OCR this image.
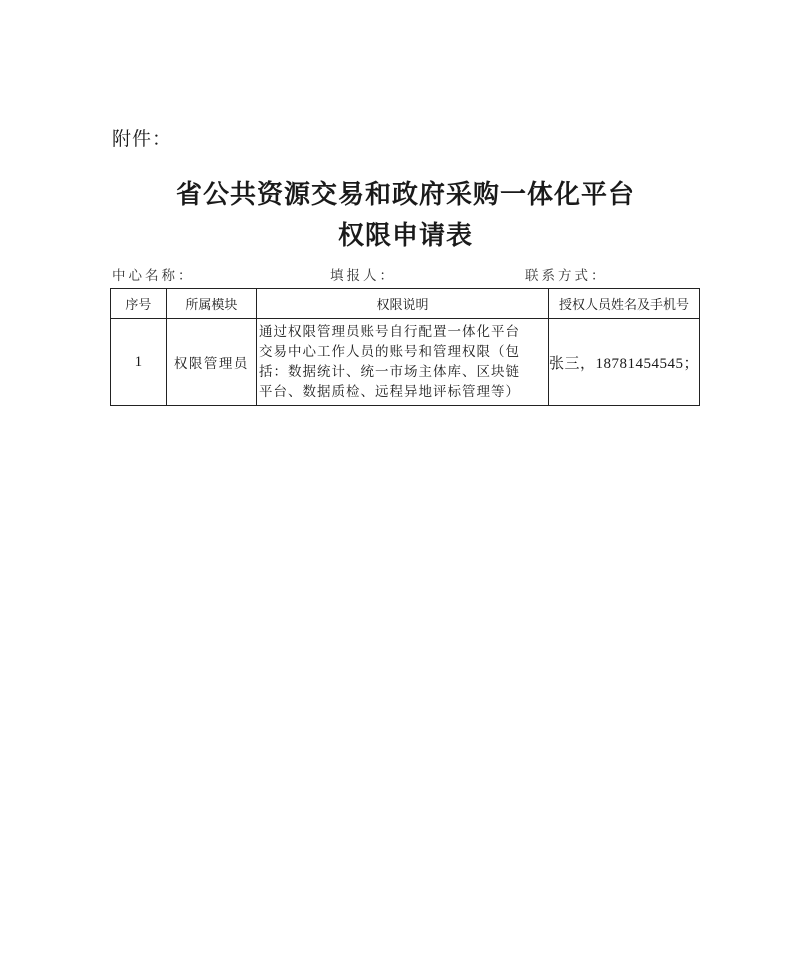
附件：
省公共资源交易和政府采购一体化平台
权限申请表
中心名称：	填报人：	联系方式：
序号	所属模块	权限说明	授权人员姓名及手机号
1	权限管理员	通过权限管理员账号自行配置一体化平台
交易中心工作人员的账号和管理权限（包
括：数据统计、统一市场主体库、区块链
平台、数据质检、远程异地评标管理等）	张三，18781454545；
